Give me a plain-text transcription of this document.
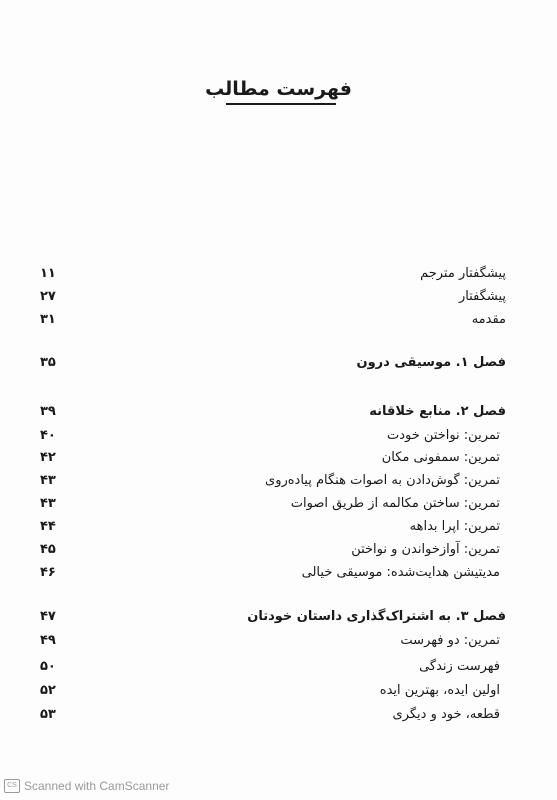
فهرست مطالب
پیشگفتار مترجم
۱۱
پیشگفتار
۲۷
مقدمه
۳۱
فصل ۱. موسیقی درون
۳۵
فصل ۲. منابع خلاقانه
۳۹
تمرین: نواختن خودت
۴۰
تمرین: سمفونی مکان
۴۲
تمرین: گوش‌دادن به اصوات هنگام پیاده‌روی
۴۳
تمرین: ساختن مکالمه از طریق اصوات
۴۳
تمرین: اپرا بداهه
۴۴
تمرین: آوازخواندن و نواختن
۴۵
مدیتیشن هدایت‌شده: موسیقی خیالی
۴۶
فصل ۳. به اشتراک‌گذاری داستان خودتان
۴۷
تمرین: دو فهرست
۴۹
فهرست زندگی
۵۰
اولین ایده، بهترین ایده
۵۲
قطعه، خود و دیگری
۵۳
CS Scanned with CamScanner
